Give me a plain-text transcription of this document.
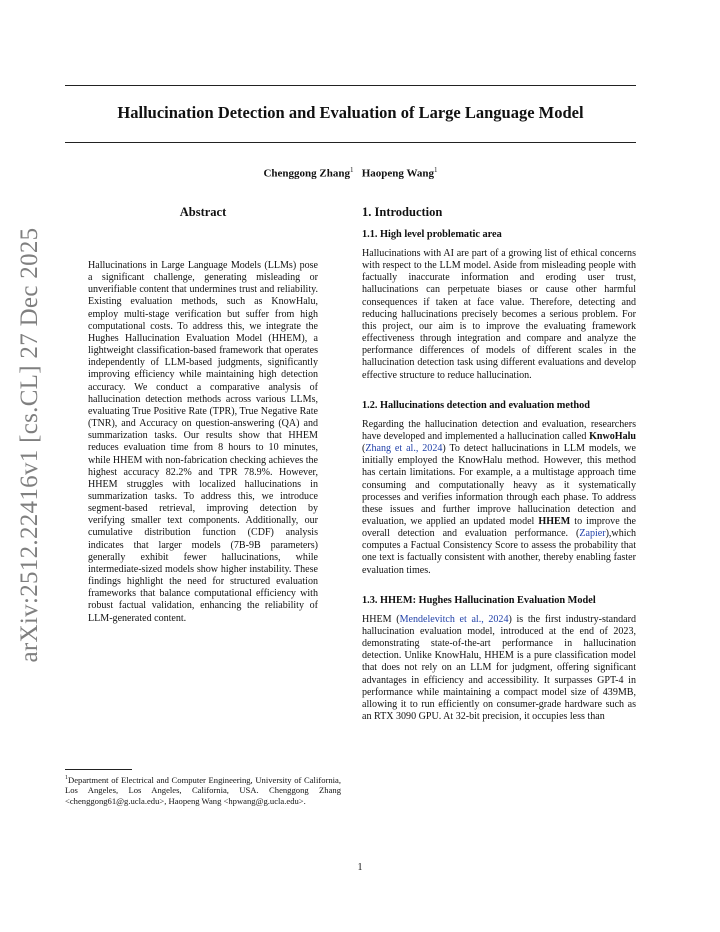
Hallucination Detection and Evaluation of Large Language Model
Chenggong Zhang$^1$ Haopeng Wang$^1$
arXiv:2512.22416v1 [cs.CL] 27 Dec 2025
Abstract
Hallucinations in Large Language Models (LLMs) pose a significant challenge, generating misleading or unverifiable content that undermines trust and reliability. Existing evaluation methods, such as KnowHalu, employ multi-stage verification but suffer from high computational costs. To address this, we integrate the Hughes Hallucination Evaluation Model (HHEM), a lightweight classification-based framework that operates independently of LLM-based judgments, significantly improving efficiency while maintaining high detection accuracy. We conduct a comparative analysis of hallucination detection methods across various LLMs, evaluating True Positive Rate (TPR), True Negative Rate (TNR), and Accuracy on question-answering (QA) and summarization tasks. Our results show that HHEM reduces evaluation time from 8 hours to 10 minutes, while HHEM with non-fabrication checking achieves the highest accuracy 82.2% and TPR 78.9%. However, HHEM struggles with localized hallucinations in summarization tasks. To address this, we introduce segment-based retrieval, improving detection by verifying smaller text components. Additionally, our cumulative distribution function (CDF) analysis indicates that larger models (7B-9B parameters) generally exhibit fewer hallucinations, while intermediate-sized models show higher instability. These findings highlight the need for structured evaluation frameworks that balance computational efficiency with robust factual validation, enhancing the reliability of LLM-generated content.
$^1$Department of Electrical and Computer Engineering, University of California, Los Angeles, Los Angeles, California, USA. Chenggong Zhang <chenggong61@g.ucla.edu>, Haopeng Wang <hpwang@g.ucla.edu>.
1. Introduction
1.1. High level problematic area

Hallucinations with AI are part of a growing list of ethical concerns with respect to the LLM model. Aside from misleading people with factually inaccurate information and eroding user trust, hallucinations can perpetuate biases or cause other harmful consequences if taken at face value. Therefore, detecting and reducing hallucinations precisely becomes a serious problem. For this project, our aim is to improve the evaluating framework effectiveness through integration and compare and analyze the performance differences of models of different scales in the hallucination detection task using different evaluations and develop effective structure to reduce hallucination.

1.2. Hallucinations detection and evaluation method

Regarding the hallucination detection and evaluation, researchers have developed and implemented a hallucination called KnwoHalu (Zhang et al., 2024) To detect hallucinations in LLM models, we initially employed the KnowHalu method. However, this method has certain limitations. For example, a a multistage approach time consuming and computationally heavy as it systematically processes and verifies information through each phase. To address these issues and further improve hallucination detection and evaluation, we applied an updated model HHEM to improve the overall detection and evaluation performance. (Zapier),which computes a Factual Consistency Score to assess the probability that one text is factually consistent with another, thereby enabling faster evaluation times.

1.3. HHEM: Hughes Hallucination Evaluation Model

HHEM (Mendelevitch et al., 2024) is the first industry-standard hallucination evaluation model, introduced at the end of 2023, demonstrating state-of-the-art performance in hallucination detection. Unlike KnowHalu, HHEM is a pure classification model that does not rely on an LLM for judgment, offering significant advantages in efficiency and accessibility. It surpasses GPT-4 in performance while maintaining a compact model size of 439MB, allowing it to run efficiently on consumer-grade hardware such as an RTX 3090 GPU. At 32-bit precision, it occupies less than

1
